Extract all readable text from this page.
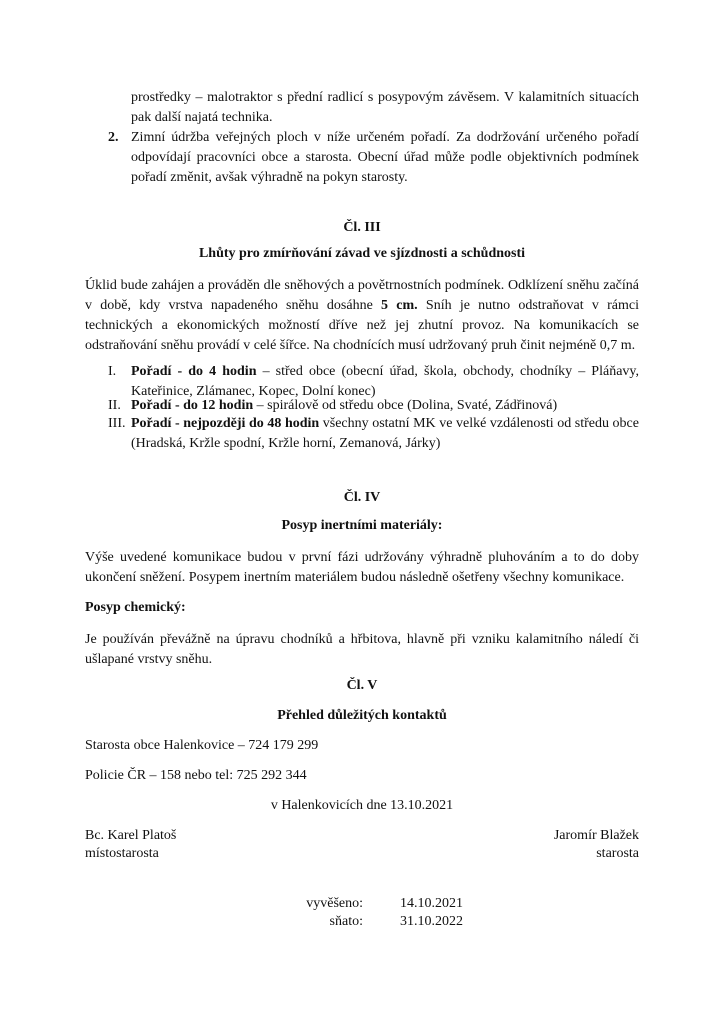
prostředky – malotraktor s přední radlicí s posypovým závěsem. V kalamitních situacích pak další najatá technika.

2. Zimní údržba veřejných ploch v níže určeném pořadí. Za dodržování určeného pořadí odpovídají pracovníci obce a starosta. Obecní úřad může podle objektivních podmínek pořadí změnit, avšak výhradně na pokyn starosty.

Čl. III

Lhůty pro zmírňování závad ve sjízdnosti a schůdnosti

Úklid bude zahájen a prováděn dle sněhových a povětrnostních podmínek. Odklízení sněhu začíná v době, kdy vrstva napadeného sněhu dosáhne 5 cm. Sníh je nutno odstraňovat v rámci technických a ekonomických možností dříve než jej zhutní provoz. Na komunikacích se odstraňování sněhu provádí v celé šířce. Na chodnících musí udržovaný pruh činit nejméně 0,7 m.

I. Pořadí - do 4 hodin – střed obce (obecní úřad, škola, obchody, chodníky – Pláňavy, Kateřinice, Zlámanec, Kopec, Dolní konec)

II. Pořadí - do 12 hodin – spirálově od středu obce (Dolina, Svaté, Zádřinová)

III. Pořadí - nejpozději do 48 hodin všechny ostatní MK ve velké vzdálenosti od středu obce (Hradská, Kržle spodní, Kržle horní, Zemanová, Járky)

Čl. IV

Posyp inertními materiály:

Výše uvedené komunikace budou v první fázi udržovány výhradně pluhováním a to do doby ukončení sněžení. Posypem inertním materiálem budou následně ošetřeny všechny komunikace.

Posyp chemický:

Je používán převážně na úpravu chodníků a hřbitova, hlavně při vzniku kalamitního náledí či ušlapané vrstvy sněhu.

Čl. V

Přehled důležitých kontaktů

Starosta obce Halenkovice – 724 179 299

Policie ČR – 158 nebo tel: 725 292 344

v Halenkovicích dne 13.10.2021

Bc. Karel Platoš

místostarosta

Jaromír Blažek

starosta

vyvěšeno:	14.10.2021

sňato:	31.10.2022
